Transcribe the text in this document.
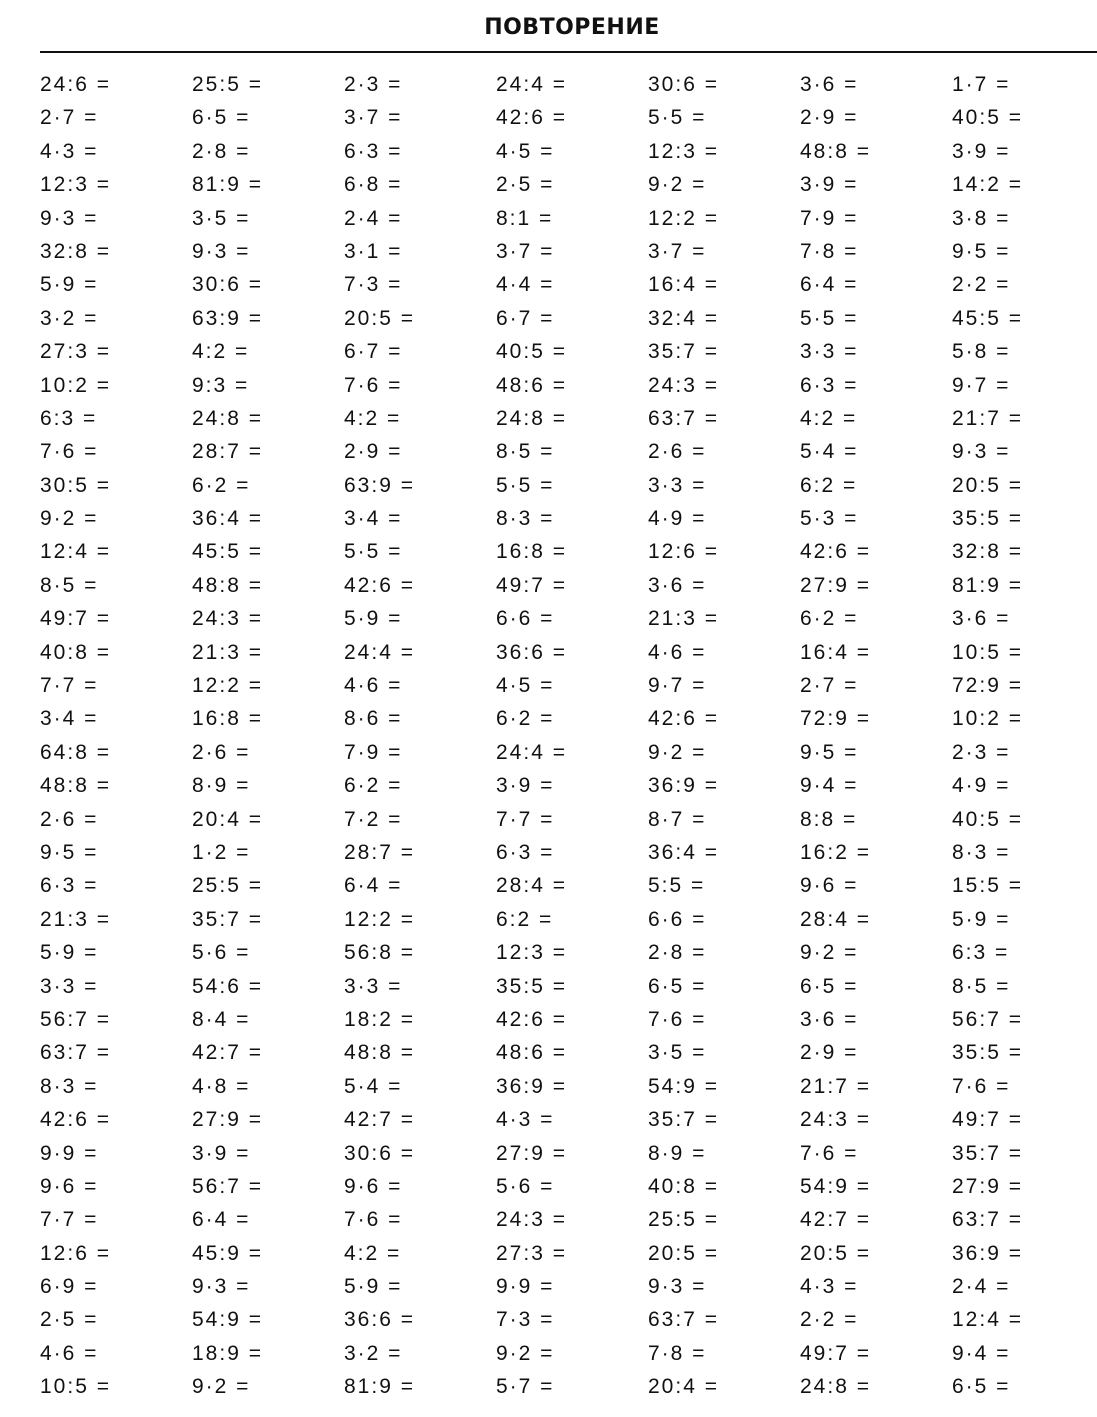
ПОВТОРЕНИЕ
24:6 =	25:5 =	2·3 =	24:4 =	30:6 =	3·6 =	1·7 =
2·7 =	6·5 =	3·7 =	42:6 =	5·5 =	2·9 =	40:5 =
4·3 =	2·8 =	6·3 =	4·5 =	12:3 =	48:8 =	3·9 =
12:3 =	81:9 =	6·8 =	2·5 =	9·2 =	3·9 =	14:2 =
9·3 =	3·5 =	2·4 =	8:1 =	12:2 =	7·9 =	3·8 =
32:8 =	9·3 =	3·1 =	3·7 =	3·7 =	7·8 =	9·5 =
5·9 =	30:6 =	7·3 =	4·4 =	16:4 =	6·4 =	2·2 =
3·2 =	63:9 =	20:5 =	6·7 =	32:4 =	5·5 =	45:5 =
27:3 =	4:2 =	6·7 =	40:5 =	35:7 =	3·3 =	5·8 =
10:2 =	9:3 =	7·6 =	48:6 =	24:3 =	6·3 =	9·7 =
6:3 =	24:8 =	4:2 =	24:8 =	63:7 =	4:2 =	21:7 =
7·6 =	28:7 =	2·9 =	8·5 =	2·6 =	5·4 =	9·3 =
30:5 =	6·2 =	63:9 =	5·5 =	3·3 =	6:2 =	20:5 =
9·2 =	36:4 =	3·4 =	8·3 =	4·9 =	5·3 =	35:5 =
12:4 =	45:5 =	5·5 =	16:8 =	12:6 =	42:6 =	32:8 =
8·5 =	48:8 =	42:6 =	49:7 =	3·6 =	27:9 =	81:9 =
49:7 =	24:3 =	5·9 =	6·6 =	21:3 =	6·2 =	3·6 =
40:8 =	21:3 =	24:4 =	36:6 =	4·6 =	16:4 =	10:5 =
7·7 =	12:2 =	4·6 =	4·5 =	9·7 =	2·7 =	72:9 =
3·4 =	16:8 =	8·6 =	6·2 =	42:6 =	72:9 =	10:2 =
64:8 =	2·6 =	7·9 =	24:4 =	9·2 =	9·5 =	2·3 =
48:8 =	8·9 =	6·2 =	3·9 =	36:9 =	9·4 =	4·9 =
2·6 =	20:4 =	7·2 =	7·7 =	8·7 =	8:8 =	40:5 =
9·5 =	1·2 =	28:7 =	6·3 =	36:4 =	16:2 =	8·3 =
6·3 =	25:5 =	6·4 =	28:4 =	5:5 =	9·6 =	15:5 =
21:3 =	35:7 =	12:2 =	6:2 =	6·6 =	28:4 =	5·9 =
5·9 =	5·6 =	56:8 =	12:3 =	2·8 =	9·2 =	6:3 =
3·3 =	54:6 =	3·3 =	35:5 =	6·5 =	6·5 =	8·5 =
56:7 =	8·4 =	18:2 =	42:6 =	7·6 =	3·6 =	56:7 =
63:7 =	42:7 =	48:8 =	48:6 =	3·5 =	2·9 =	35:5 =
8·3 =	4·8 =	5·4 =	36:9 =	54:9 =	21:7 =	7·6 =
42:6 =	27:9 =	42:7 =	4·3 =	35:7 =	24:3 =	49:7 =
9·9 =	3·9 =	30:6 =	27:9 =	8·9 =	7·6 =	35:7 =
9·6 =	56:7 =	9·6 =	5·6 =	40:8 =	54:9 =	27:9 =
7·7 =	6·4 =	7·6 =	24:3 =	25:5 =	42:7 =	63:7 =
12:6 =	45:9 =	4:2 =	27:3 =	20:5 =	20:5 =	36:9 =
6·9 =	9·3 =	5·9 =	9·9 =	9·3 =	4·3 =	2·4 =
2·5 =	54:9 =	36:6 =	7·3 =	63:7 =	2·2 =	12:4 =
4·6 =	18:9 =	3·2 =	9·2 =	7·8 =	49:7 =	9·4 =
10:5 =	9·2 =	81:9 =	5·7 =	20:4 =	24:8 =	6·5 =
